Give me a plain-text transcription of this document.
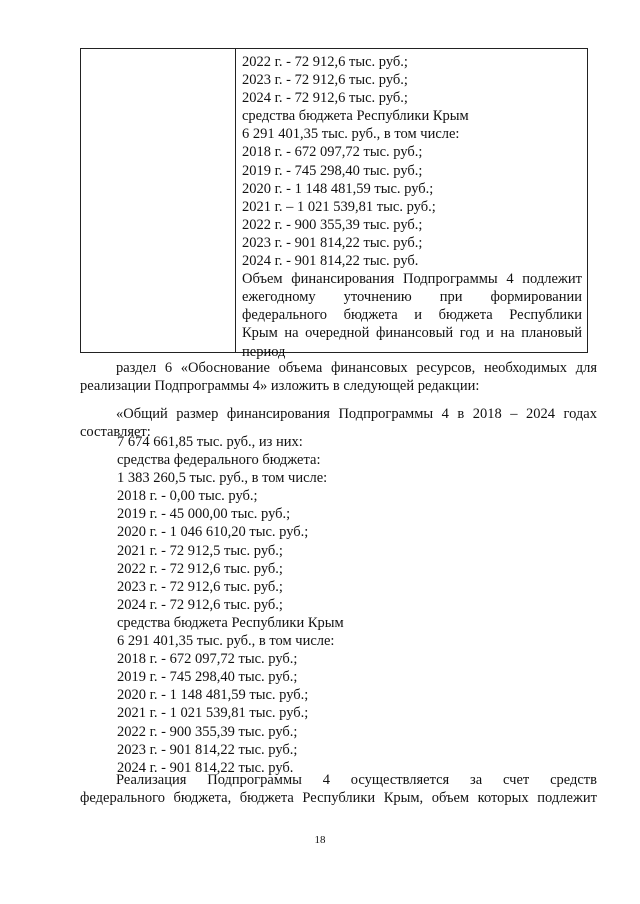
2022 г. - 72 912,6 тыс. руб.;
2023 г. - 72 912,6 тыс. руб.;
2024 г. - 72 912,6 тыс. руб.;
средства бюджета Республики Крым
6 291 401,35 тыс. руб., в том числе:
2018 г. - 672 097,72 тыс. руб.;
2019 г. - 745 298,40 тыс. руб.;
2020 г. - 1 148 481,59 тыс. руб.;
2021 г. – 1 021 539,81 тыс. руб.;
2022 г. - 900 355,39 тыс. руб.;
2023 г. - 901 814,22 тыс. руб.;
2024 г. - 901 814,22 тыс. руб.
Объем финансирования Подпрограммы 4 подлежит
ежегодному уточнению при формировании
федерального бюджета и бюджета Республики
Крым на очередной финансовый год и на плановый
период
раздел 6 «Обоснование объема финансовых ресурсов, необходимых для
реализации Подпрограммы 4» изложить в следующей редакции:
«Общий размер финансирования Подпрограммы 4 в 2018 – 2024 годах
составляет:
7 674 661,85 тыс. руб., из них:
средства федерального бюджета:
1 383 260,5 тыс. руб., в том числе:
2018 г. - 0,00 тыс. руб.;
2019 г. - 45 000,00 тыс. руб.;
2020 г. - 1 046 610,20 тыс. руб.;
2021 г. - 72 912,5 тыс. руб.;
2022 г. - 72 912,6 тыс. руб.;
2023 г. - 72 912,6 тыс. руб.;
2024 г. - 72 912,6 тыс. руб.;
средства бюджета Республики Крым
6 291 401,35 тыс. руб., в том числе:
2018 г. - 672 097,72 тыс. руб.;
2019 г. - 745 298,40 тыс. руб.;
2020 г. - 1 148 481,59 тыс. руб.;
2021 г. - 1 021 539,81 тыс. руб.;
2022 г. - 900 355,39 тыс. руб.;
2023 г. - 901 814,22 тыс. руб.;
2024 г. - 901 814,22 тыс. руб.
Реализация Подпрограммы 4 осуществляется за счет средств
федерального бюджета, бюджета Республики Крым, объем которых подлежит
18
